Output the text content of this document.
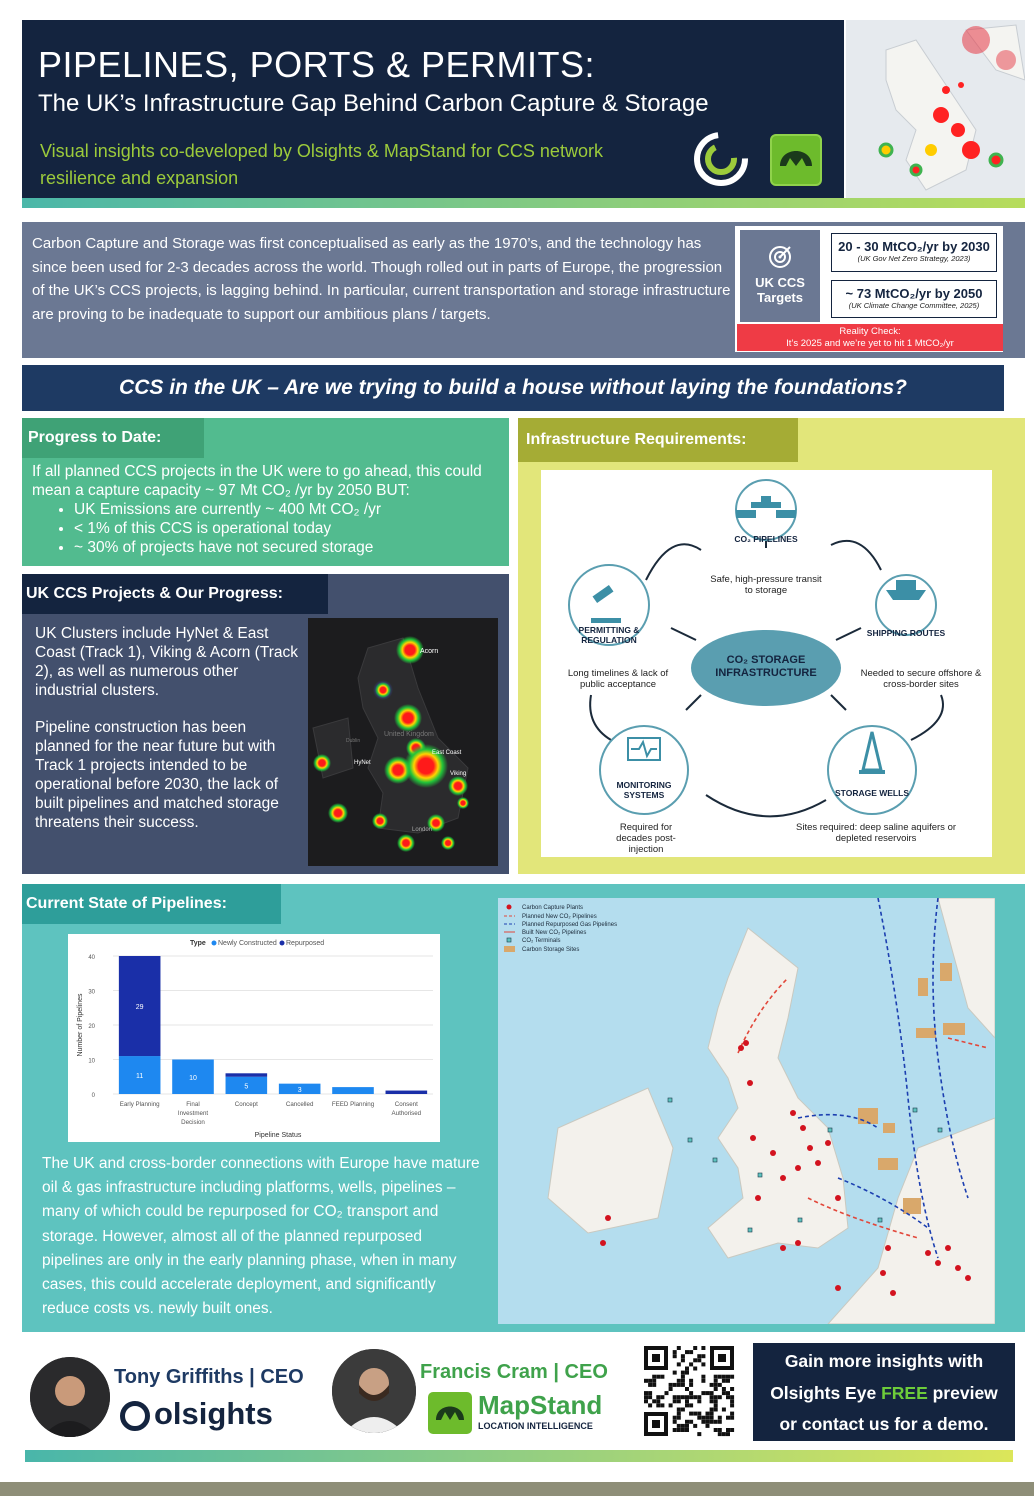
PIPELINES, PORTS & PERMITS:
The UK’s Infrastructure Gap Behind Carbon Capture & Storage
Visual insights co-developed by Olsights & MapStand for CCS network resilience and expansion

Carbon Capture and Storage was first conceptualised as early as the 1970’s, and the technology has since been used for 2-3 decades across the world. Though rolled out in parts of Europe, the progression of the UK’s CCS projects, is lagging behind. In particular, current transportation and storage infrastructure are proving to be inadequate to support our ambitious plans / targets.

UK CCS Targets
20 - 30 MtCO₂/yr by 2030
(UK Gov Net Zero Strategy, 2023)
~ 73 MtCO₂/yr by 2050
(UK Climate Change Committee, 2025)
Reality Check:
It’s 2025 and we’re yet to hit 1 MtCO₂/yr
CCS in the UK – Are we trying to build a house without laying the foundations?
Progress to Date:
If all planned CCS projects in the UK were to go ahead, this could mean a capture capacity ~ 97 Mt CO₂ /yr by 2050 BUT:
• UK Emissions are currently ~ 400 Mt CO₂ /yr
• < 1% of this CCS is operational today
• ~ 30% of projects have not secured storage
UK CCS Projects & Our Progress:

UK Clusters include HyNet & East Coast (Track 1), Viking & Acorn (Track 2), as well as numerous other industrial clusters.

Pipeline construction has been planned for the near future but with Track 1 projects intended to be operational before 2030, the lack of built pipelines and matched storage threatens their success.

Acorn
HyNet
East Coast
Viking
United Kingdom
London
Dublin
Infrastructure Requirements:
CO₂ PIPELINES
Safe, high-pressure transit to storage
SHIPPING ROUTES
Needed to secure offshore & cross-border sites
STORAGE WELLS
Sites required: deep saline aquifers or depleted reservoirs
MONITORING SYSTEMS
Required for decades post-injection
PERMITTING & REGULATION
Long timelines & lack of public acceptance
CO₂ STORAGE INFRASTRUCTURE
Current State of Pipelines:
0
10
20
30
40
Number of Pipelines
Pipeline Status
Type Newly Constructed Repurposed
11
29
Early Planning
10
Final
Investment
Decision
5
Concept
3
Cancelled	FEED Planning	Consent
Authorised
The UK and cross-border connections with Europe have mature oil & gas infrastructure including platforms, wells, pipelines – many of which could be repurposed for CO₂ transport and storage. However, almost all of the planned repurposed pipelines are only in the early planning phase, when in many cases, this could accelerate deployment, and significantly reduce costs vs. newly built ones.
Carbon Capture Plants
Planned New CO₂ Pipelines
Planned Repurposed Gas Pipelines
Built New CO₂ Pipelines
CO₂ Terminals
Carbon Storage Sites
Tony Griffiths | CEO
olsights
Francis Cram | CEO
MapStand
LOCATION INTELLIGENCE
Gain more insights with
Olsights Eye FREE preview
or contact us for a demo.
